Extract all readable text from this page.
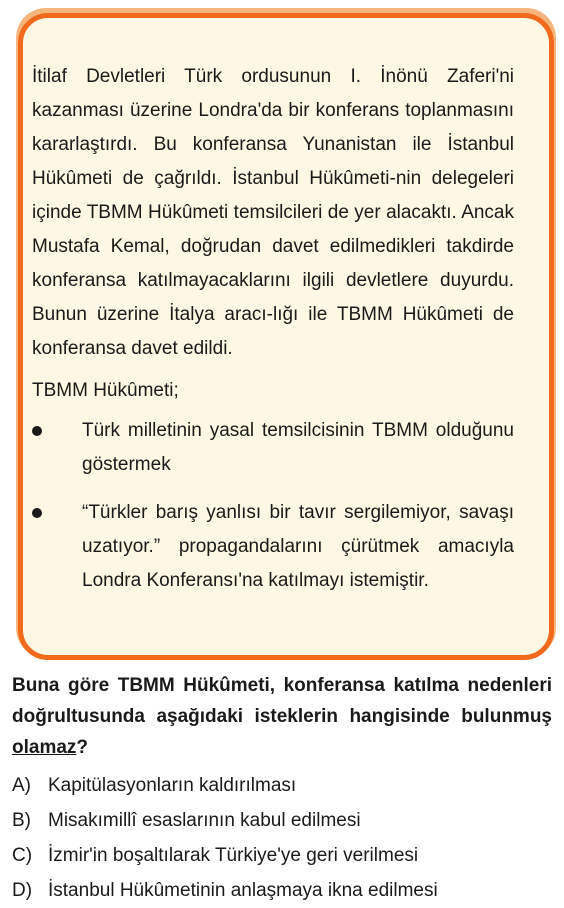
İtilaf Devletleri Türk ordusunun I. İnönü Zaferi'ni kazanması üzerine Londra'da bir konferans toplanmasını kararlaştırdı. Bu konferansa Yunanistan ile İstanbul Hükûmeti de çağrıldı. İstanbul Hükûmeti-nin delegeleri içinde TBMM Hükûmeti temsilcileri de yer alacaktı. Ancak Mustafa Kemal, doğrudan davet edilmedikleri takdirde konferansa katılmayacaklarını ilgili devletlere duyurdu. Bunun üzerine İtalya aracı-lığı ile TBMM Hükûmeti de konferansa davet edildi.

TBMM Hükûmeti;

Türk milletinin yasal temsilcisinin TBMM olduğunu göstermek
“Türkler barış yanlısı bir tavır sergilemiyor, savaşı uzatıyor.” propagandalarını çürütmek amacıyla Londra Konferansı'na katılmayı istemiştir.

Buna göre TBMM Hükûmeti, konferansa katılma nedenleri doğrultusunda aşağıdaki isteklerin hangisinde bulunmuş olamaz?

A) Kapitülasyonların kaldırılması
B) Misakımillî esaslarının kabul edilmesi
C) İzmir'in boşaltılarak Türkiye'ye geri verilmesi
D) İstanbul Hükûmetinin anlaşmaya ikna edilmesi
